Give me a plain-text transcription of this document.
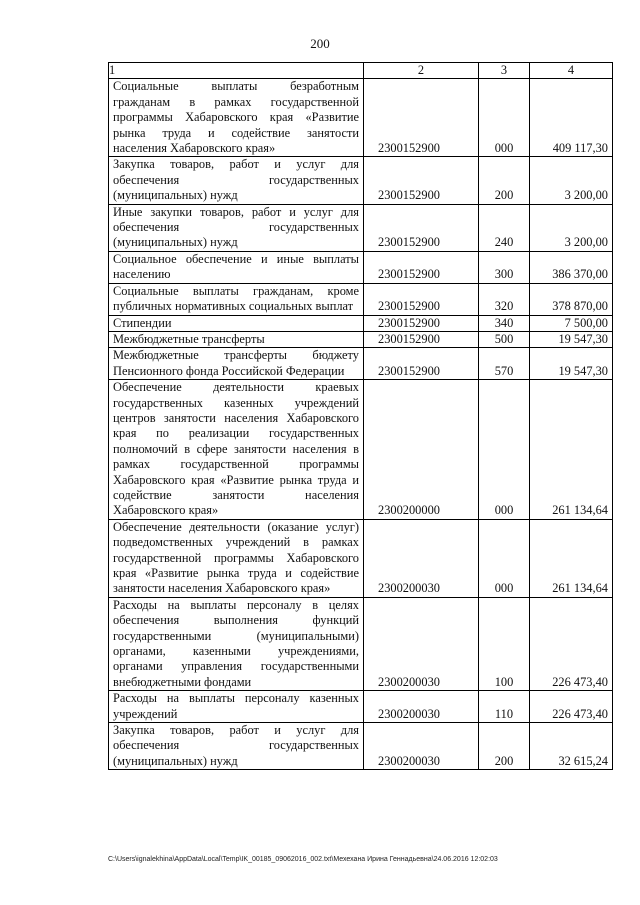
200
1	2	3	4
Социальные выплаты безработным гражданам в рамках государственной программы Хабаровского края «Развитие рынка труда и содействие занятости населения Хабаровского края»	2300152900	000	409 117,30
Закупка товаров, работ и услуг для обеспечения государственных (муниципальных) нужд	2300152900	200	3 200,00
Иные закупки товаров, работ и услуг для обеспечения государственных (муниципальных) нужд	2300152900	240	3 200,00
Социальное обеспечение и иные выплаты населению	2300152900	300	386 370,00
Социальные выплаты гражданам, кроме публичных нормативных социальных выплат	2300152900	320	378 870,00
Стипендии	2300152900	340	7 500,00
Межбюджетные трансферты	2300152900	500	19 547,30
Межбюджетные трансферты бюджету Пенсионного фонда Российской Федерации	2300152900	570	19 547,30
Обеспечение деятельности краевых государственных казенных учреждений центров занятости населения Хабаровского края по реализации государственных полномочий в сфере занятости населения в рамках государственной программы Хабаровского края «Развитие рынка труда и содействие занятости населения Хабаровского края»	2300200000	000	261 134,64
Обеспечение деятельности (оказание услуг) подведомственных учреждений в рамках государственной программы Хабаровского края «Развитие рынка труда и содействие занятости населения Хабаровского края»	2300200030	000	261 134,64
Расходы на выплаты персоналу в целях обеспечения выполнения функций государственными (муниципальными) органами, казенными учреждениями, органами управления государственными внебюджетными фондами	2300200030	100	226 473,40
Расходы на выплаты персоналу казенных учреждений	2300200030	110	226 473,40
Закупка товаров, работ и услуг для обеспечения государственных (муниципальных) нужд	2300200030	200	32 615,24
C:\Users\ignalekhina\AppData\Local\Temp\IK_00185_09062016_002.txt\Мехеханa Ирина Геннадьевна\24.06.2016 12:02:03
